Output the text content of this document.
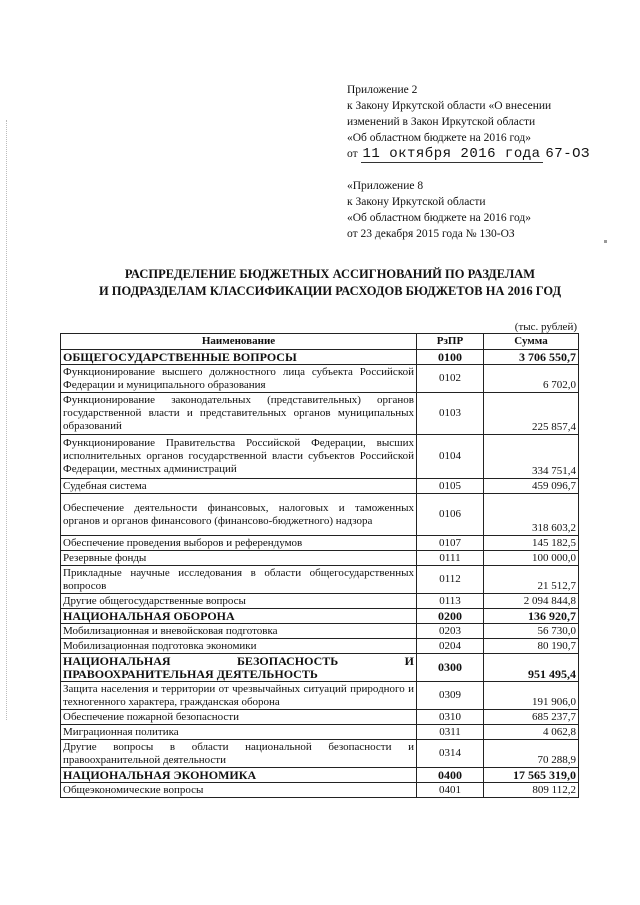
Приложение 2
к Закону Иркутской области «О внесении
изменений в Закон Иркутской области
«Об областном бюджете на 2016 год»
от 11 октября 2016 года 67-ОЗ
«Приложение 8
к Закону Иркутской области
«Об областном бюджете на 2016 год»
от 23 декабря 2015 года № 130-ОЗ
РАСПРЕДЕЛЕНИЕ БЮДЖЕТНЫХ АССИГНОВАНИЙ ПО РАЗДЕЛАМ
И ПОДРАЗДЕЛАМ КЛАССИФИКАЦИИ РАСХОДОВ БЮДЖЕТОВ НА 2016 ГОД
(тыс. рублей)
Наименование	РзПР	Сумма
ОБЩЕГОСУДАРСТВЕННЫЕ ВОПРОСЫ	0100	3 706 550,7
Функционирование высшего должностного лица субъекта Российской Федерации и муниципального образования	0102	6 702,0
Функционирование законодательных (представительных) органов государственной власти и представительных органов муниципальных образований	0103	225 857,4
Функционирование Правительства Российской Федерации, высших исполнительных органов государственной власти субъектов Российской Федерации, местных администраций	0104	334 751,4
Судебная система	0105	459 096,7
Обеспечение деятельности финансовых, налоговых и таможенных органов и органов финансового (финансово-бюджетного) надзора	0106	318 603,2
Обеспечение проведения выборов и референдумов	0107	145 182,5
Резервные фонды	0111	100 000,0
Прикладные научные исследования в области общегосударственных вопросов	0112	21 512,7
Другие общегосударственные вопросы	0113	2 094 844,8
НАЦИОНАЛЬНАЯ ОБОРОНА	0200	136 920,7
Мобилизационная и вневойсковая подготовка	0203	56 730,0
Мобилизационная подготовка экономики	0204	80 190,7
НАЦИОНАЛЬНАЯ БЕЗОПАСНОСТЬ И ПРАВООХРАНИТЕЛЬНАЯ ДЕЯТЕЛЬНОСТЬ	0300	951 495,4
Защита населения и территории от чрезвычайных ситуаций природного и техногенного характера, гражданская оборона	0309	191 906,0
Обеспечение пожарной безопасности	0310	685 237,7
Миграционная политика	0311	4 062,8
Другие вопросы в области национальной безопасности и правоохранительной деятельности	0314	70 288,9
НАЦИОНАЛЬНАЯ ЭКОНОМИКА	0400	17 565 319,0
Общеэкономические вопросы	0401	809 112,2
